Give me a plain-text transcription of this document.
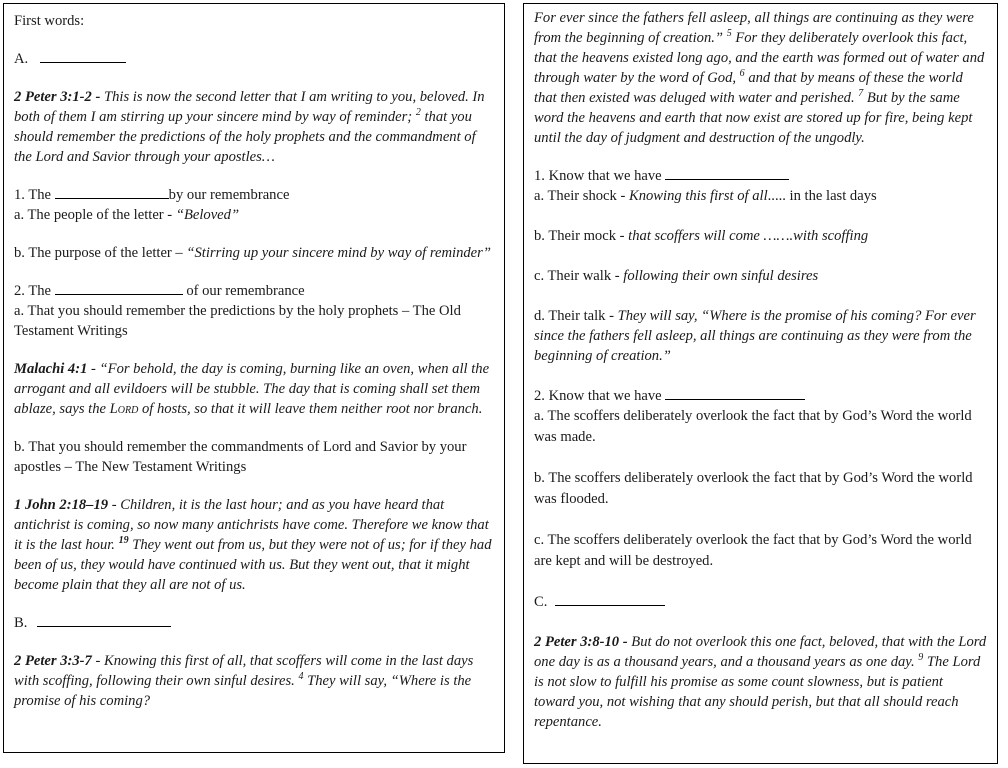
First words:

A.

2 Peter 3:1-2 - This is now the second letter that I am writing to you, beloved. In both of them I am stirring up your sincere mind by way of reminder; $^2$ that you should remember the predictions of the holy prophets and the commandment of the Lord and Savior through your apostles…

1. The	by our remembrance

a. The people of the letter - “Beloved”

b. The purpose of the letter – “Stirring up your sincere mind by way of reminder”

2. The	of our remembrance

a. That you should remember the predictions by the holy prophets – The Old Testament Writings

Malachi 4:1 - “For behold, the day is coming, burning like an oven, when all the arrogant and all evildoers will be stubble. The day that is coming shall set them ablaze, says the Lord of hosts, so that it will leave them neither root nor branch.

b. That you should remember the commandments of Lord and Savior by your apostles – The New Testament Writings

1 John 2:18–19 - Children, it is the last hour; and as you have heard that antichrist is coming, so now many antichrists have come. Therefore we know that it is the last hour. $^{19}$ They went out from us, but they were not of us; for if they had been of us, they would have continued with us. But they went out, that it might become plain that they all are not of us.

B.

2 Peter 3:3-7 - Knowing this first of all, that scoffers will come in the last days with scoffing, following their own sinful desires. $^4$ They will say, “Where is the promise of his coming?

For ever since the fathers fell asleep, all things are continuing as they were from the beginning of creation.” $^5$ For they deliberately overlook this fact, that the heavens existed long ago, and the earth was formed out of water and through water by the word of God, $^6$ and that by means of these the world that then existed was deluged with water and perished. $^7$ But by the same word the heavens and earth that now exist are stored up for fire, being kept until the day of judgment and destruction of the ungodly.

1. Know that we have

a. Their shock - Knowing this first of all..... in the last days

b. Their mock - that scoffers will come …….with scoffing

c. Their walk - following their own sinful desires

d. Their talk - They will say, “Where is the promise of his coming? For ever since the fathers fell asleep, all things are continuing as they were from the beginning of creation.”

2. Know that we have

a. The scoffers deliberately overlook the fact that by God’s Word the world was made.

b. The scoffers deliberately overlook the fact that by God’s Word the world was flooded.

c. The scoffers deliberately overlook the fact that by God’s Word the world are kept and will be destroyed.

C.

2 Peter 3:8-10 - But do not overlook this one fact, beloved, that with the Lord one day is as a thousand years, and a thousand years as one day. $^9$ The Lord is not slow to fulfill his promise as some count slowness, but is patient toward you, not wishing that any should perish, but that all should reach repentance.
